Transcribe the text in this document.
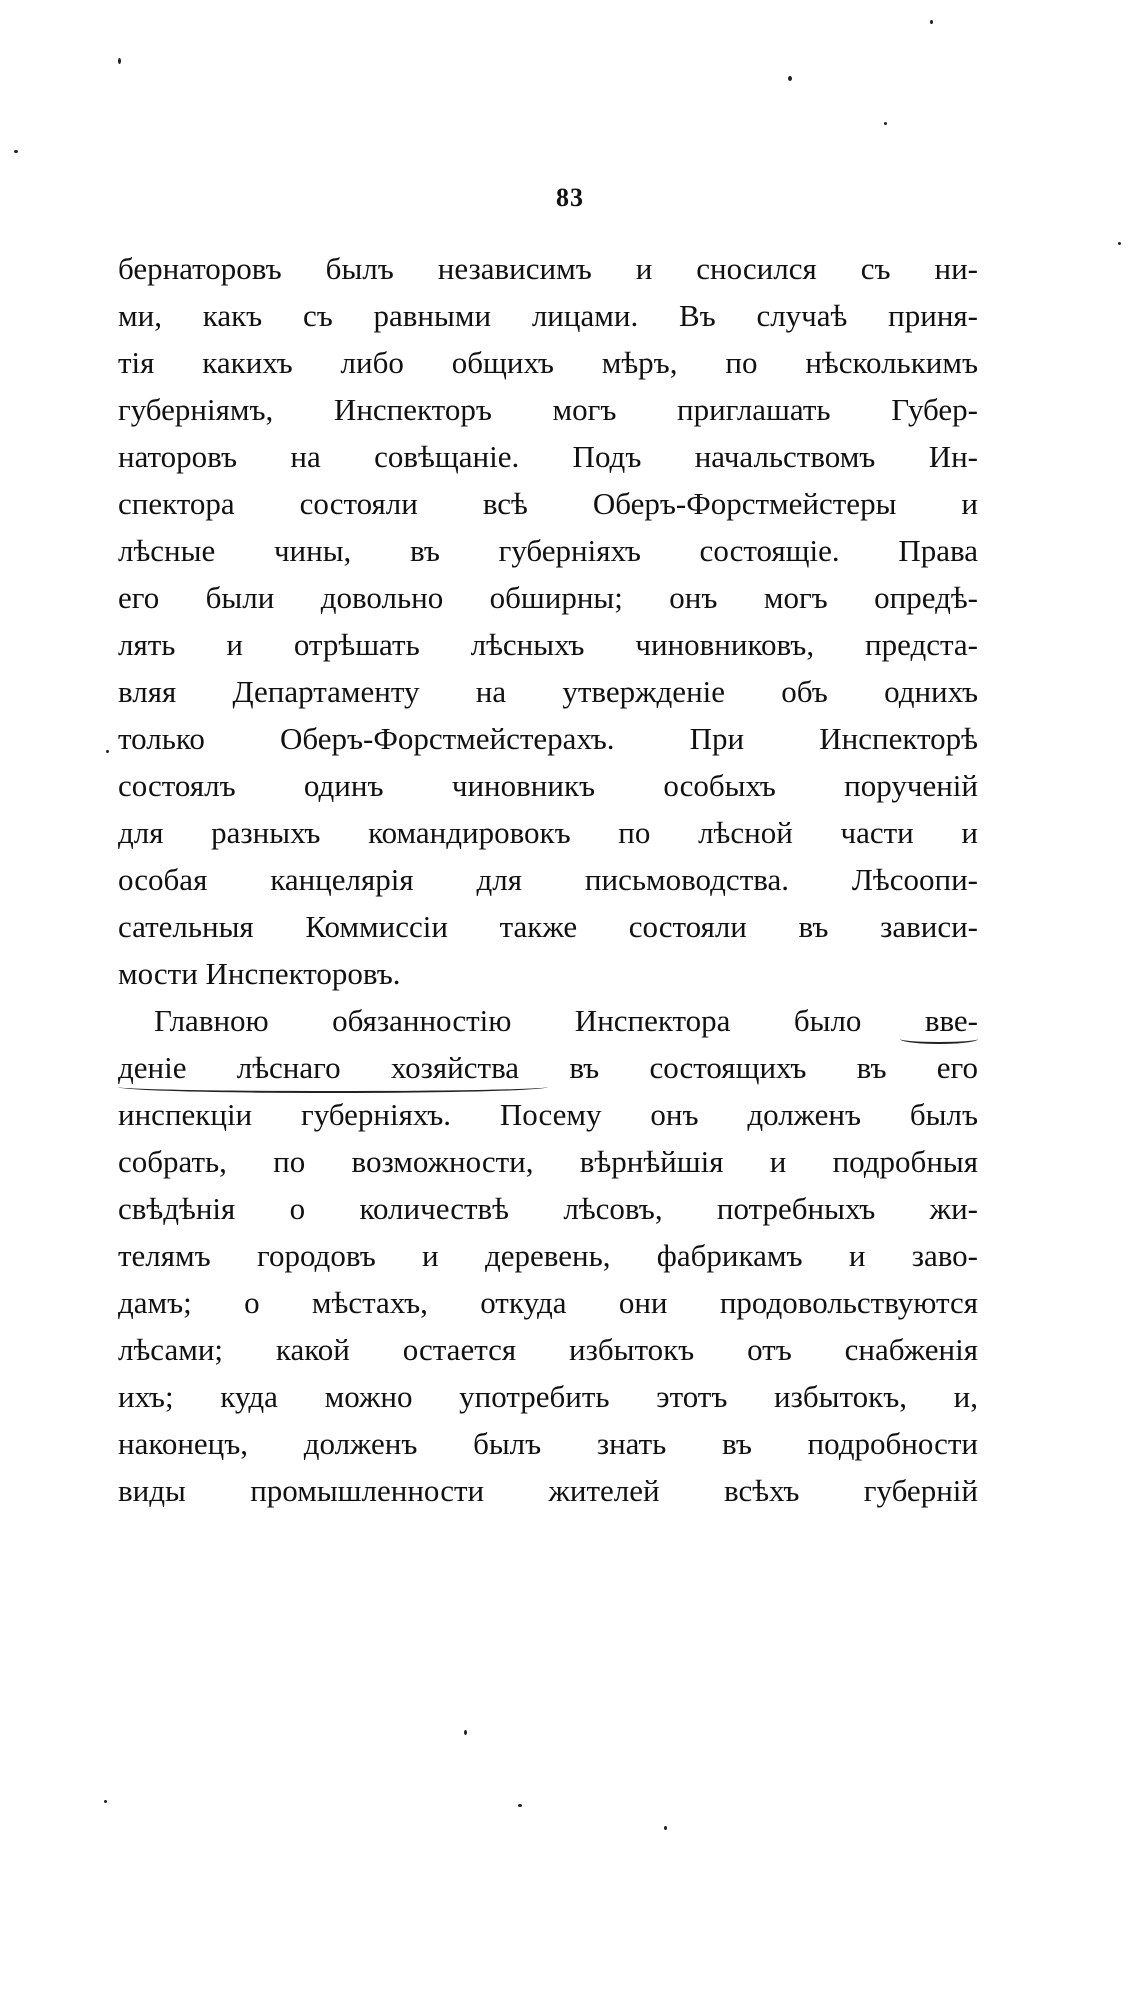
83
бернаторовъ былъ независимъ и сносился съ ни-
ми, какъ съ равными лицами. Въ случаѣ приня-
тія какихъ либо общихъ мѣръ, по нѣсколькимъ
губерніямъ, Инспекторъ могъ приглашать Губер-
наторовъ на совѣщаніе. Подъ начальствомъ Ин-
спектора состояли всѣ Оберъ-Форстмейстеры и
лѣсные чины, въ губерніяхъ состоящіе. Права
его были довольно обширны; онъ могъ опредѣ-
лять и отрѣшать лѣсныхъ чиновниковъ, предста-
вляя Департаменту на утвержденіе объ однихъ
только Оберъ-Форстмейстерахъ. При Инспекторѣ
состоялъ одинъ чиновникъ особыхъ порученій
для разныхъ командировокъ по лѣсной части и
особая канцелярія для письмоводства. Лѣсоопи-
сательныя Коммиссіи также состояли въ зависи-
мости Инспекторовъ.
Главною обязанностію Инспектора было вве-
деніе лѣснаго хозяйства въ состоящихъ въ его
инспекціи губерніяхъ. Посему онъ долженъ былъ
собрать, по возможности, вѣрнѣйшія и подробныя
свѣдѣнія о количествѣ лѣсовъ, потребныхъ жи-
телямъ городовъ и деревень, фабрикамъ и заво-
дамъ; о мѣстахъ, откуда они продовольствуются
лѣсами; какой остается избытокъ отъ снабженія
ихъ; куда можно употребить этотъ избытокъ, и,
наконецъ, долженъ былъ знать въ подробности
виды промышленности жителей всѣхъ губерній
